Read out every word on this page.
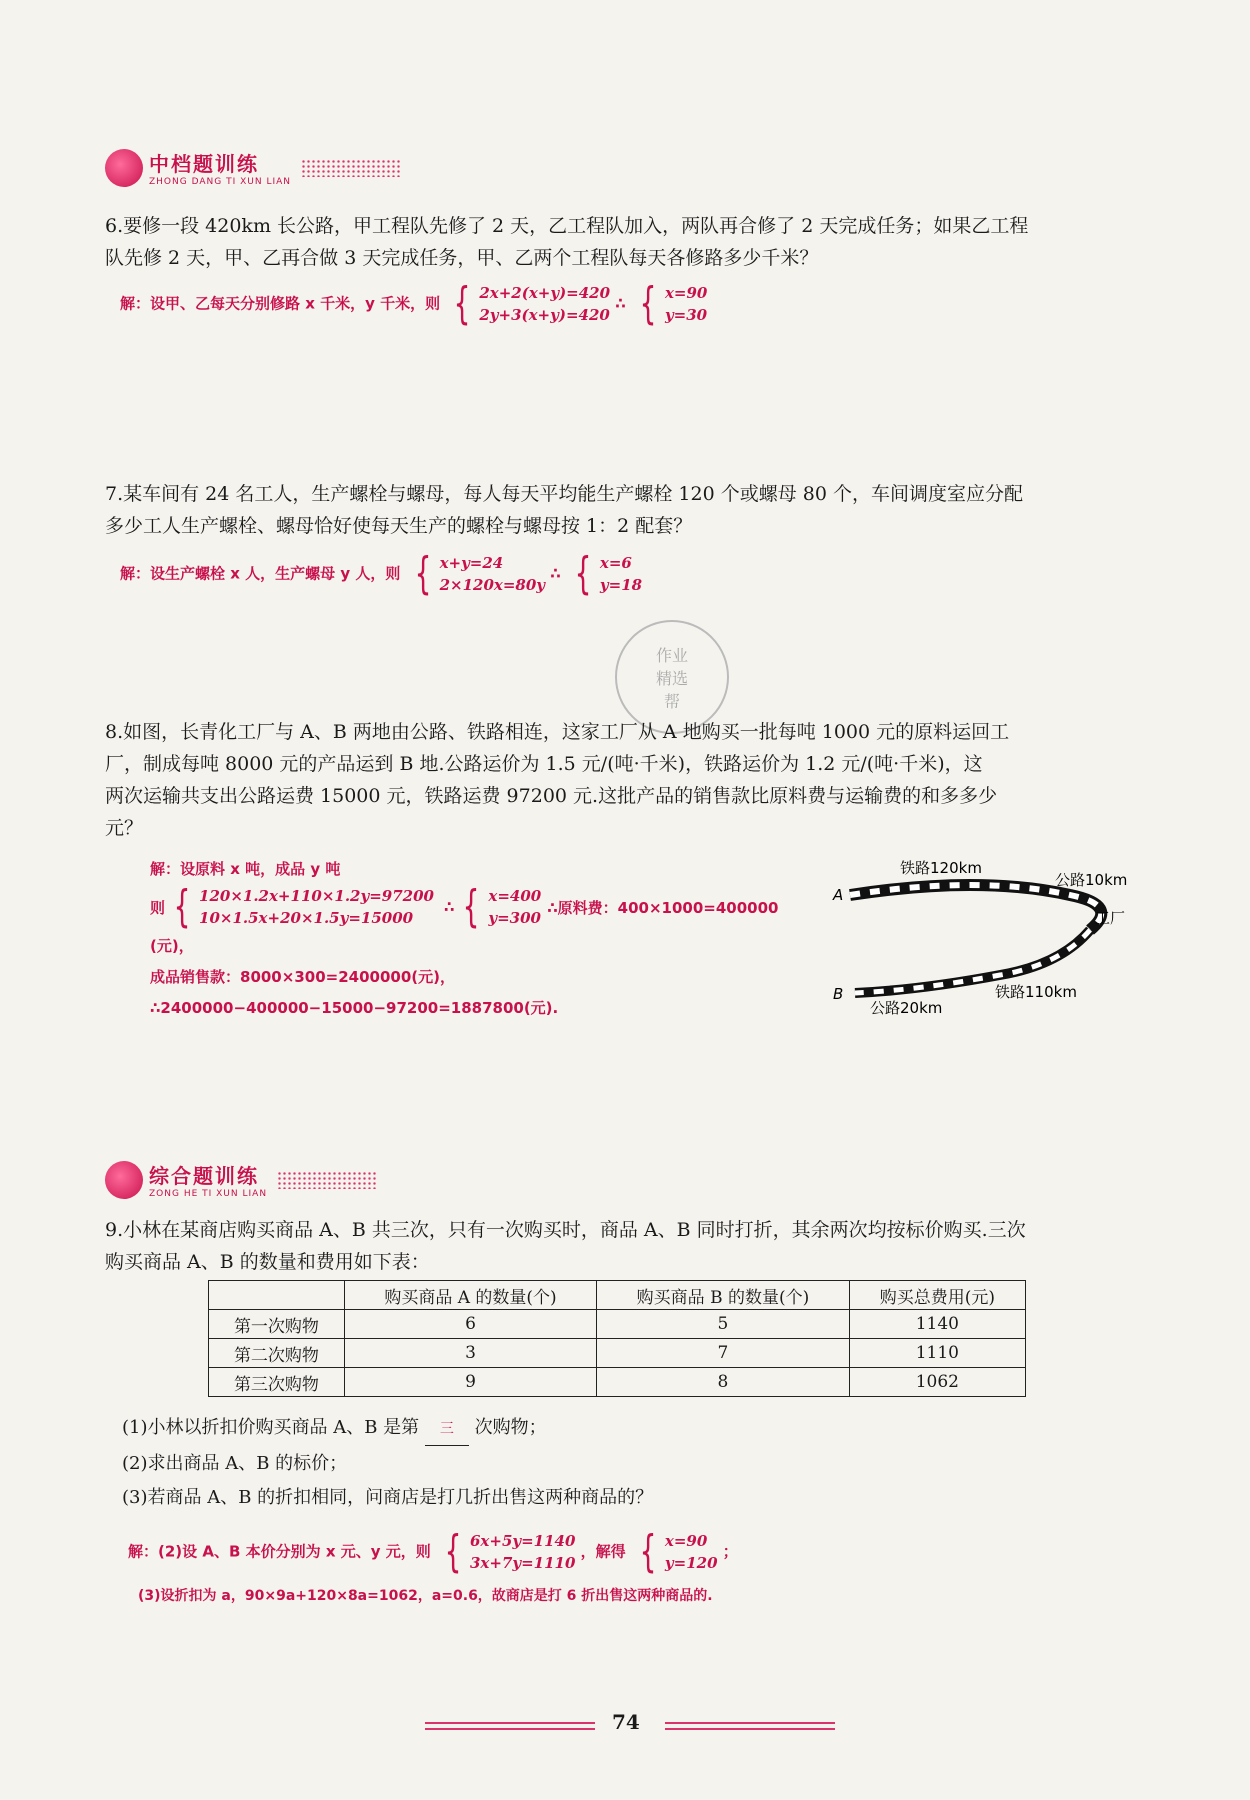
中档题训练
ZHONG DANG TI XUN LIAN
6.要修一段 420km 长公路，甲工程队先修了 2 天，乙工程队加入，两队再合修了 2 天完成任务；如果乙工程
队先修 2 天，甲、乙再合做 3 天完成任务，甲、乙两个工程队每天各修路多少千米？
解：设甲、乙每天分别修路 x 千米，y 千米，则 { 2x+2(x+y)=420
2y+3(x+y)=420
∴ { x=90
y=30
7.某车间有 24 名工人，生产螺栓与螺母，每人每天平均能生产螺栓 120 个或螺母 80 个，车间调度室应分配
多少工人生产螺栓、螺母恰好使每天生产的螺栓与螺母按 1：2 配套？
解：设生产螺栓 x 人，生产螺母 y 人，则 { x+y=24
2×120x=80y
∴ { x=6
y=18
作业
精选
帮
8.如图，长青化工厂与 A、B 两地由公路、铁路相连，这家工厂从 A 地购买一批每吨 1000 元的原料运回工
厂，制成每吨 8000 元的产品运到 B 地.公路运价为 1.5 元/(吨·千米)，铁路运价为 1.2 元/(吨·千米)，这
两次运输共支出公路运费 15000 元，铁路运费 97200 元.这批产品的销售款比原料费与运输费的和多多少
元？
解：设原料 x 吨，成品 y 吨
则 { 120×1.2x+110×1.2y=97200
10×1.5x+20×1.5y=15000
∴ { x=400
y=300
∴原料费：400×1000=400000
(元)，
成品销售款：8000×300=2400000(元)，
∴2400000−400000−15000−97200=1887800(元).
铁路120km
公路10km
工厂
A
B
公路20km
铁路110km
综合题训练
ZONG HE TI XUN LIAN
9.小林在某商店购买商品 A、B 共三次，只有一次购买时，商品 A、B 同时打折，其余两次均按标价购买.三次
购买商品 A、B 的数量和费用如下表：
	购买商品 A 的数量(个)	购买商品 B 的数量(个)	购买总费用(元)
第一次购物	6	5	1140
第二次购物	3	7	1110
第三次购物	9	8	1062
(1)小林以折扣价购买商品 A、B 是第 三 次购物；
(2)求出商品 A、B 的标价；
(3)若商品 A、B 的折扣相同，问商店是打几折出售这两种商品的？
解：(2)设 A、B 本价分别为 x 元、y 元，则 { 6x+5y=1140
3x+7y=1110
，解得 { x=90
y=120
；
(3)设折扣为 a，90×9a+120×8a=1062，a=0.6，故商店是打 6 折出售这两种商品的.
74
